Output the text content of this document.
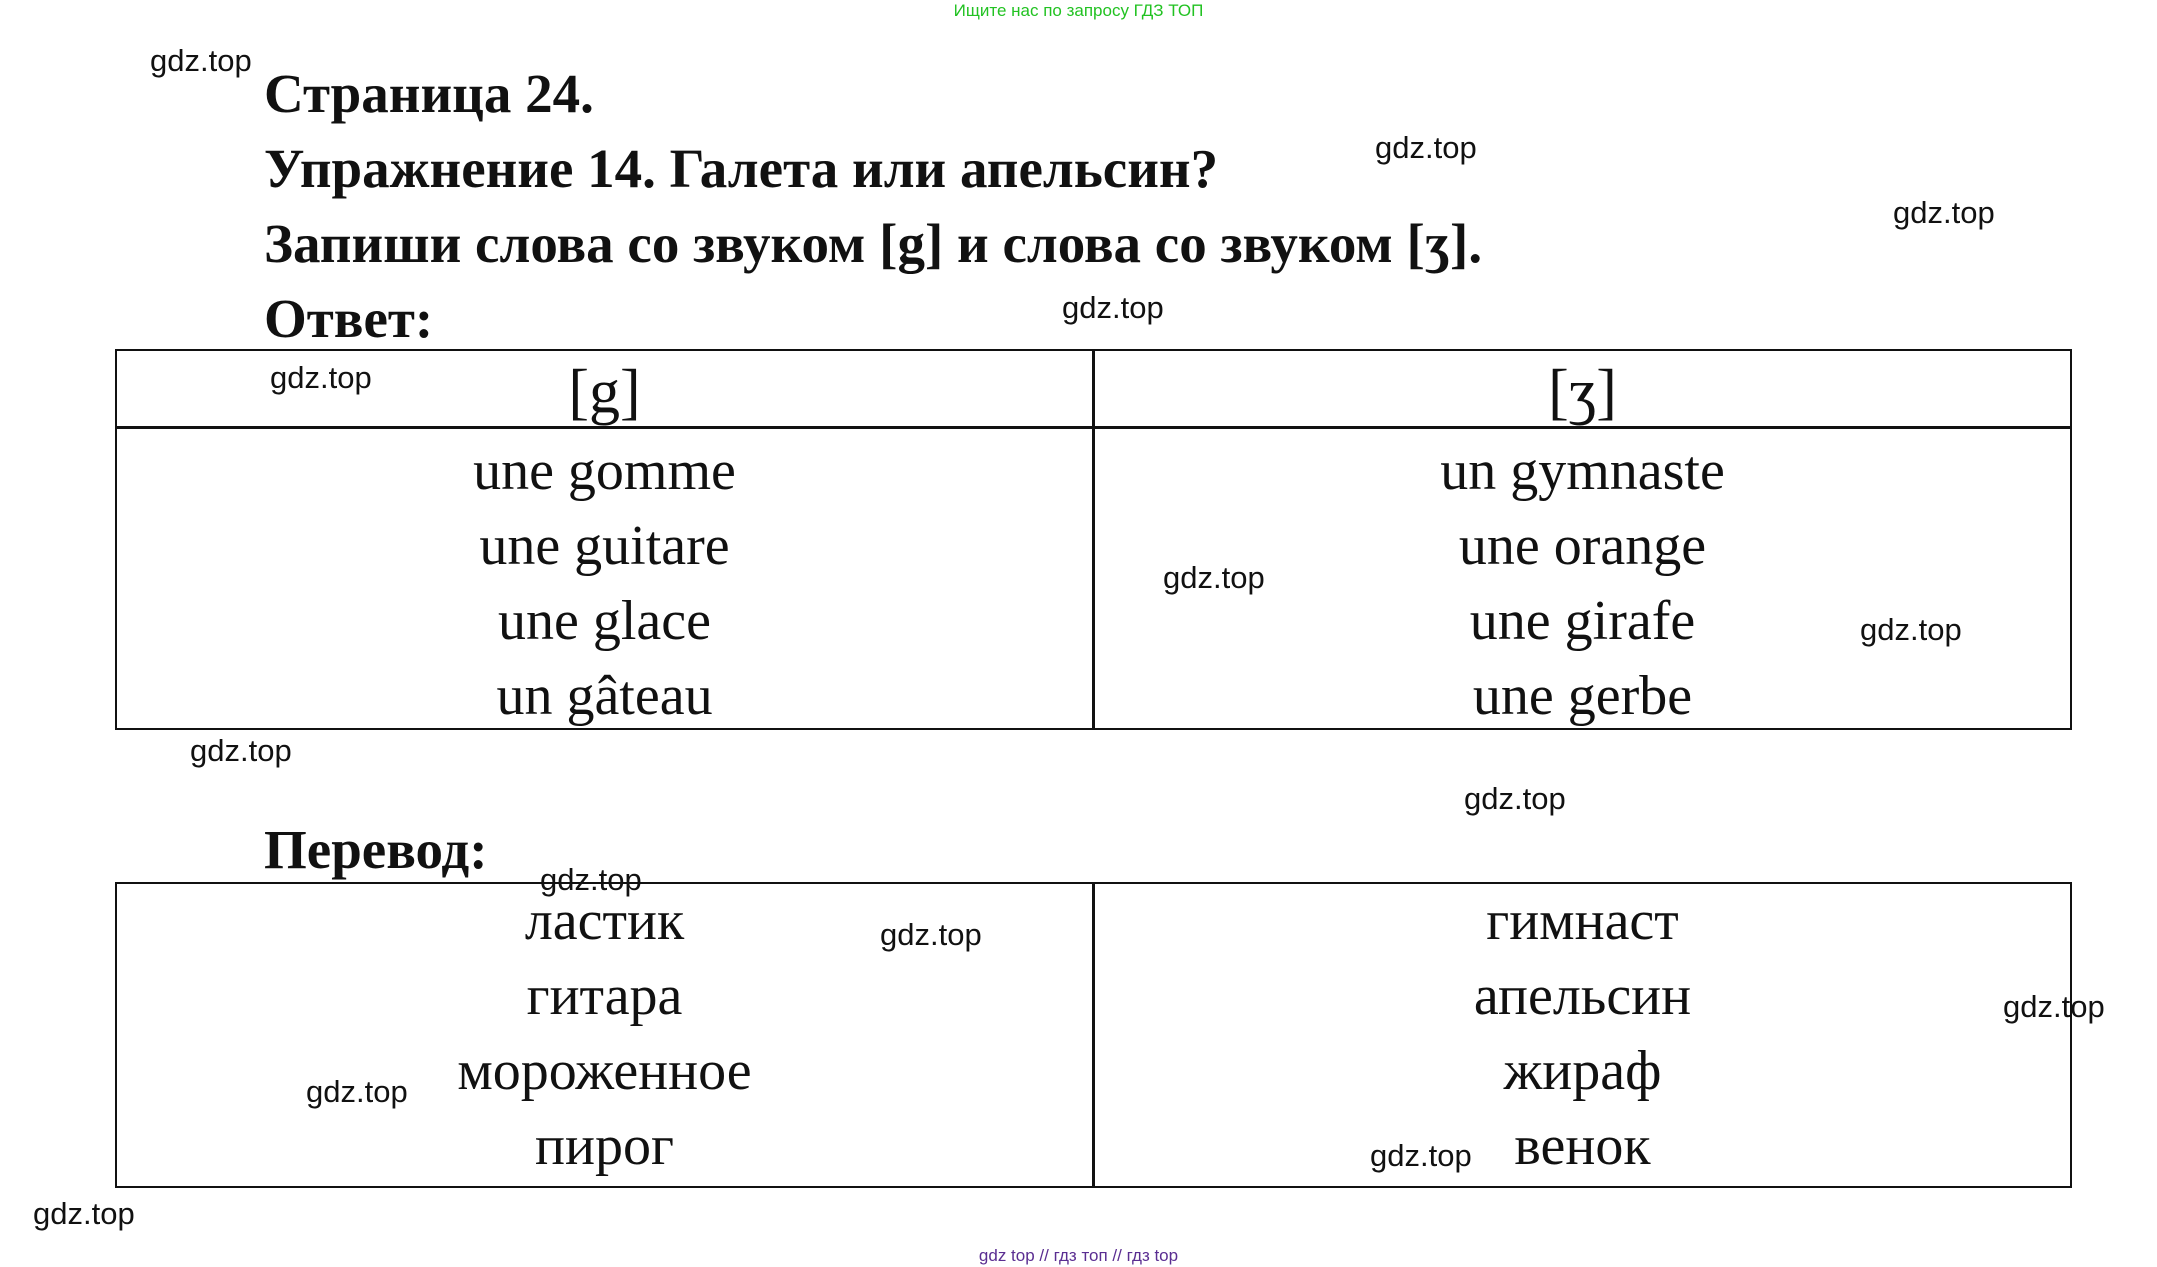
Ищите нас по запросу ГДЗ ТОП
Страница 24.
Упражнение 14. Галета или апельсин?
Запиши слова со звуком [g] и слова со звуком [ʒ].
Ответ:
[g]	[ʒ]
une gomme
une guitare
une glace
un gâteau
un gymnaste
une orange
une girafe
une gerbe
Перевод:
ластик
гитара
мороженное
пирог
гимнаст
апельсин
жираф
венок
gdz.top
gdz.top
gdz.top
gdz.top
gdz.top
gdz.top
gdz.top
gdz.top
gdz.top
gdz.top
gdz.top
gdz.top
gdz.top
gdz.top
gdz.top
gdz top // гдз топ // гдз top
